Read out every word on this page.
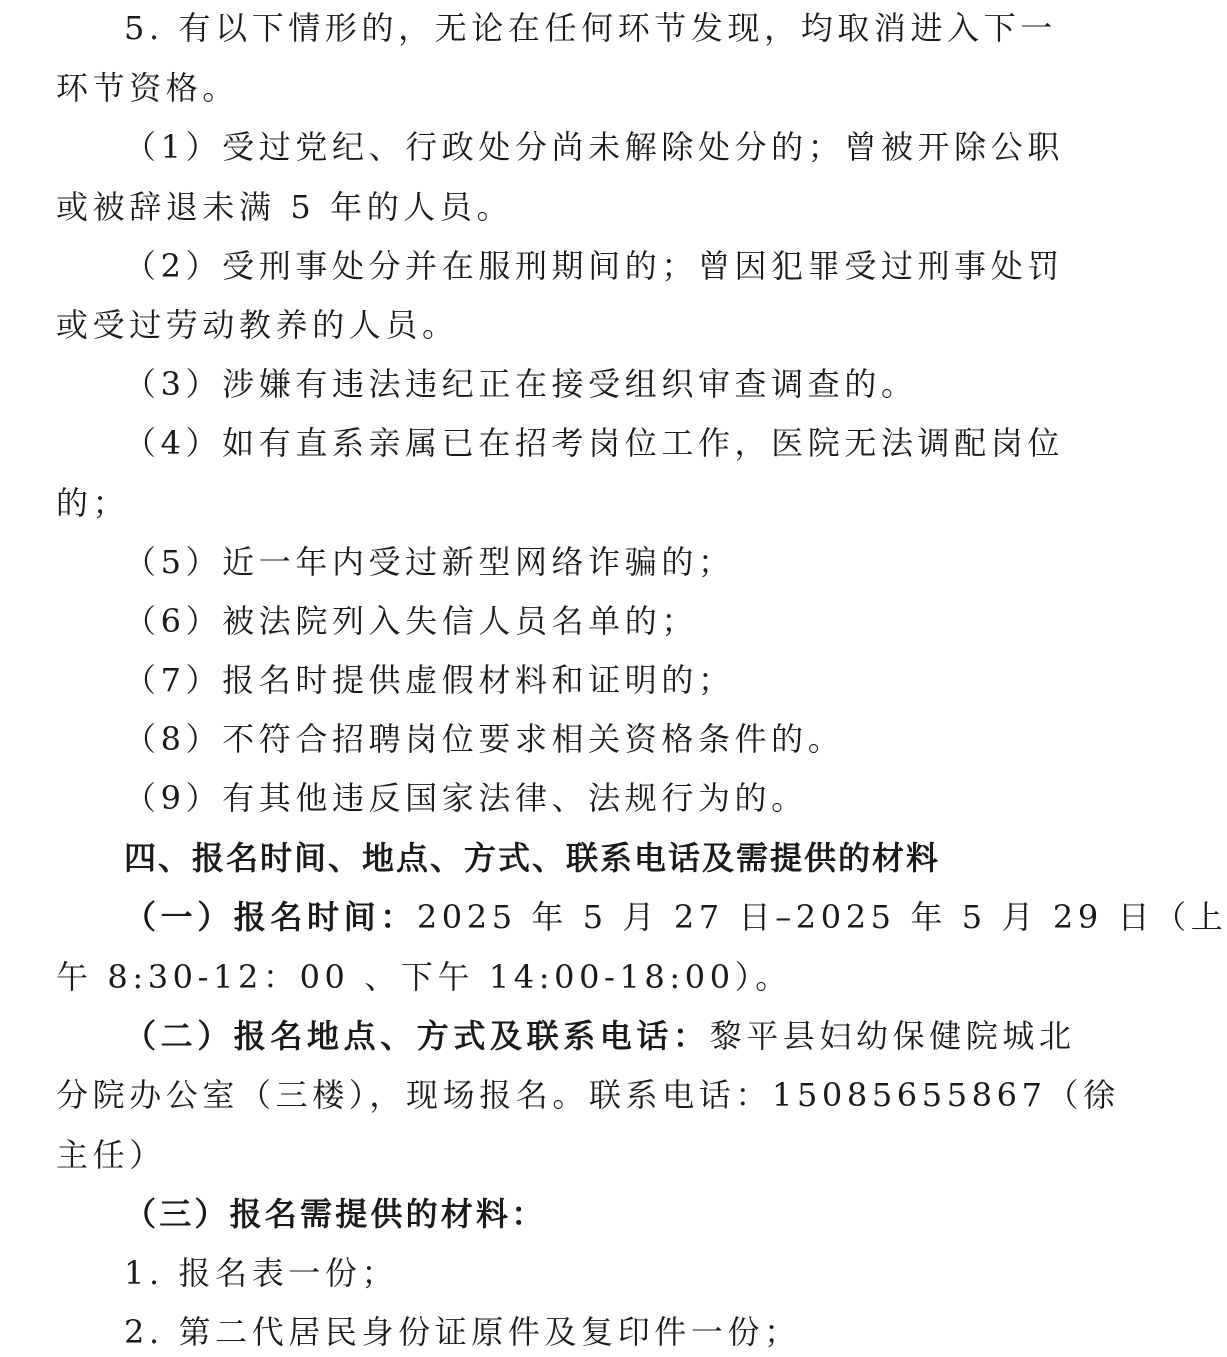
5. 有以下情形的，无论在任何环节发现，均取消进入下一
环节资格。
（1）受过党纪、行政处分尚未解除处分的；曾被开除公职
或被辞退未满 5 年的人员。
（2）受刑事处分并在服刑期间的；曾因犯罪受过刑事处罚
或受过劳动教养的人员。
（3）涉嫌有违法违纪正在接受组织审查调查的。
（4）如有直系亲属已在招考岗位工作，医院无法调配岗位
的；
（5）近一年内受过新型网络诈骗的；
（6）被法院列入失信人员名单的；
（7）报名时提供虚假材料和证明的；
（8）不符合招聘岗位要求相关资格条件的。
（9）有其他违反国家法律、法规行为的。
四、报名时间、地点、方式、联系电话及需提供的材料
（一）报名时间：2025 年 5 月 27 日–2025 年 5 月 29 日（上
午 8:30-12：00 、下午 14:00-18:00）。
（二）报名地点、方式及联系电话：黎平县妇幼保健院城北
分院办公室（三楼），现场报名。联系电话：15085655867（徐
主任）
（三）报名需提供的材料：
1. 报名表一份；
2. 第二代居民身份证原件及复印件一份；
